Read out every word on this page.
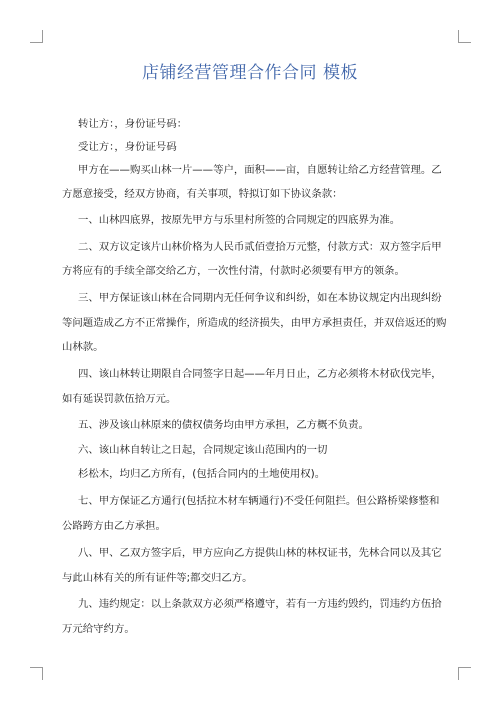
店铺经营管理合作合同 模板
转让方：，身份证号码：
受让方：，身份证号码
甲方在——购买山林一片——等户，面积——亩，自愿转让给乙方经营管理。乙
方愿意接受，经双方协商，有关事项，特拟订如下协议条款：
一、山林四底界，按原先甲方与乐里村所签的合同规定的四底界为准。
二、双方议定该片山林价格为人民币贰佰壹拾万元整，付款方式：双方签字后甲
方将应有的手续全部交给乙方，一次性付清，付款时必须要有甲方的领条。
三、甲方保证该山林在合同期内无任何争议和纠纷，如在本协议规定内出现纠纷
等问题造成乙方不正常操作，所造成的经济损失，由甲方承担责任，并双倍返还的购
山林款。
四、该山林转让期限自合同签字日起——年月日止，乙方必须将木材砍伐完毕，
如有延误罚款伍拾万元。
五、涉及该山林原来的债权债务均由甲方承担，乙方概不负责。
六、该山林自转让之日起，合同规定该山范围内的一切
杉松木，均归乙方所有，(包括合同内的土地使用权)。
七、甲方保证乙方通行(包括拉木材车辆通行)不受任何阻拦。但公路桥梁修整和
公路跨方由乙方承担。
八、甲、乙双方签字后，甲方应向乙方提供山林的林权证书，先林合同以及其它
与此山林有关的所有证件等;都交归乙方。
九、违约规定：以上条款双方必须严格遵守，若有一方违约毁约，罚违约方伍拾
万元给守约方。
